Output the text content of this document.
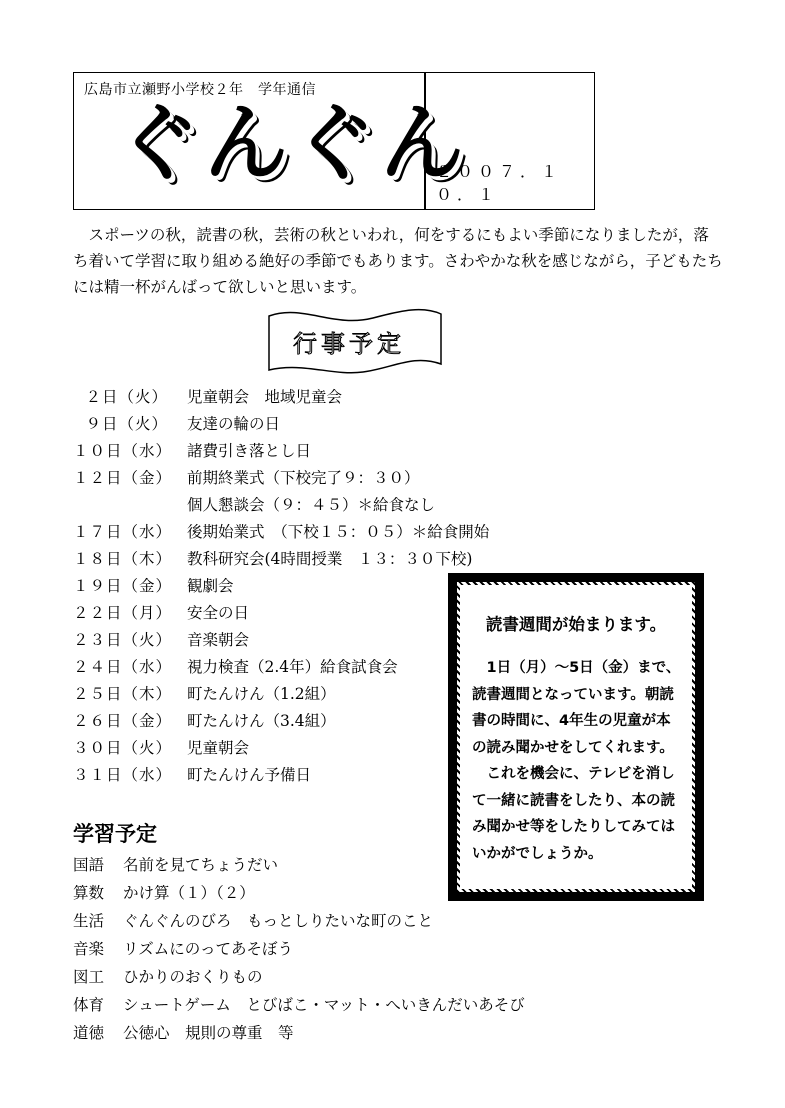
広島市立瀬野小学校２年　学年通信
ぐんぐん
２００７．１０．１
スポーツの秋，読書の秋，芸術の秋といわれ，何をするにもよい季節になりましたが，落ち着いて学習に取り組める絶好の季節でもあります。さわやかな秋を感じながら，子どもたちには精一杯がんばって欲しいと思います。
行事予定
２日（火） 児童朝会　地域児童会
９日（火） 友達の輪の日
１０日（水） 諸費引き落とし日
１２日（金） 前期終業式（下校完了９：３０）
個人懇談会（９：４５）＊給食なし
１７日（水） 後期始業式　（下校１５：０５）＊給食開始
１８日（木） 教科研究会(4時間授業　１３：３０下校)
１９日（金） 観劇会
２２日（月） 安全の日
２３日（火） 音楽朝会
２４日（水） 視力検査（2.4年）給食試食会
２５日（木） 町たんけん（1.2組）
２６日（金） 町たんけん（3.4組）
３０日（火） 児童朝会
３１日（水） 町たんけん予備日
読書週間が始まります。

1日（月）～5日（金）まで、読書週間となっています。朝読書の時間に、4年生の児童が本の読み聞かせをしてくれます。

これを機会に、テレビを消して一緒に読書をしたり、本の読み聞かせ等をしたりしてみてはいかがでしょうか。

学習予定
国語 名前を見てちょうだい
算数 かけ算（１）（２）
生活 ぐんぐんのびろ　もっとしりたいな町のこと
音楽 リズムにのってあそぼう
図工 ひかりのおくりもの
体育 シュートゲーム　とびばこ・マット・へいきんだいあそび
道徳 公徳心　規則の尊重　等
